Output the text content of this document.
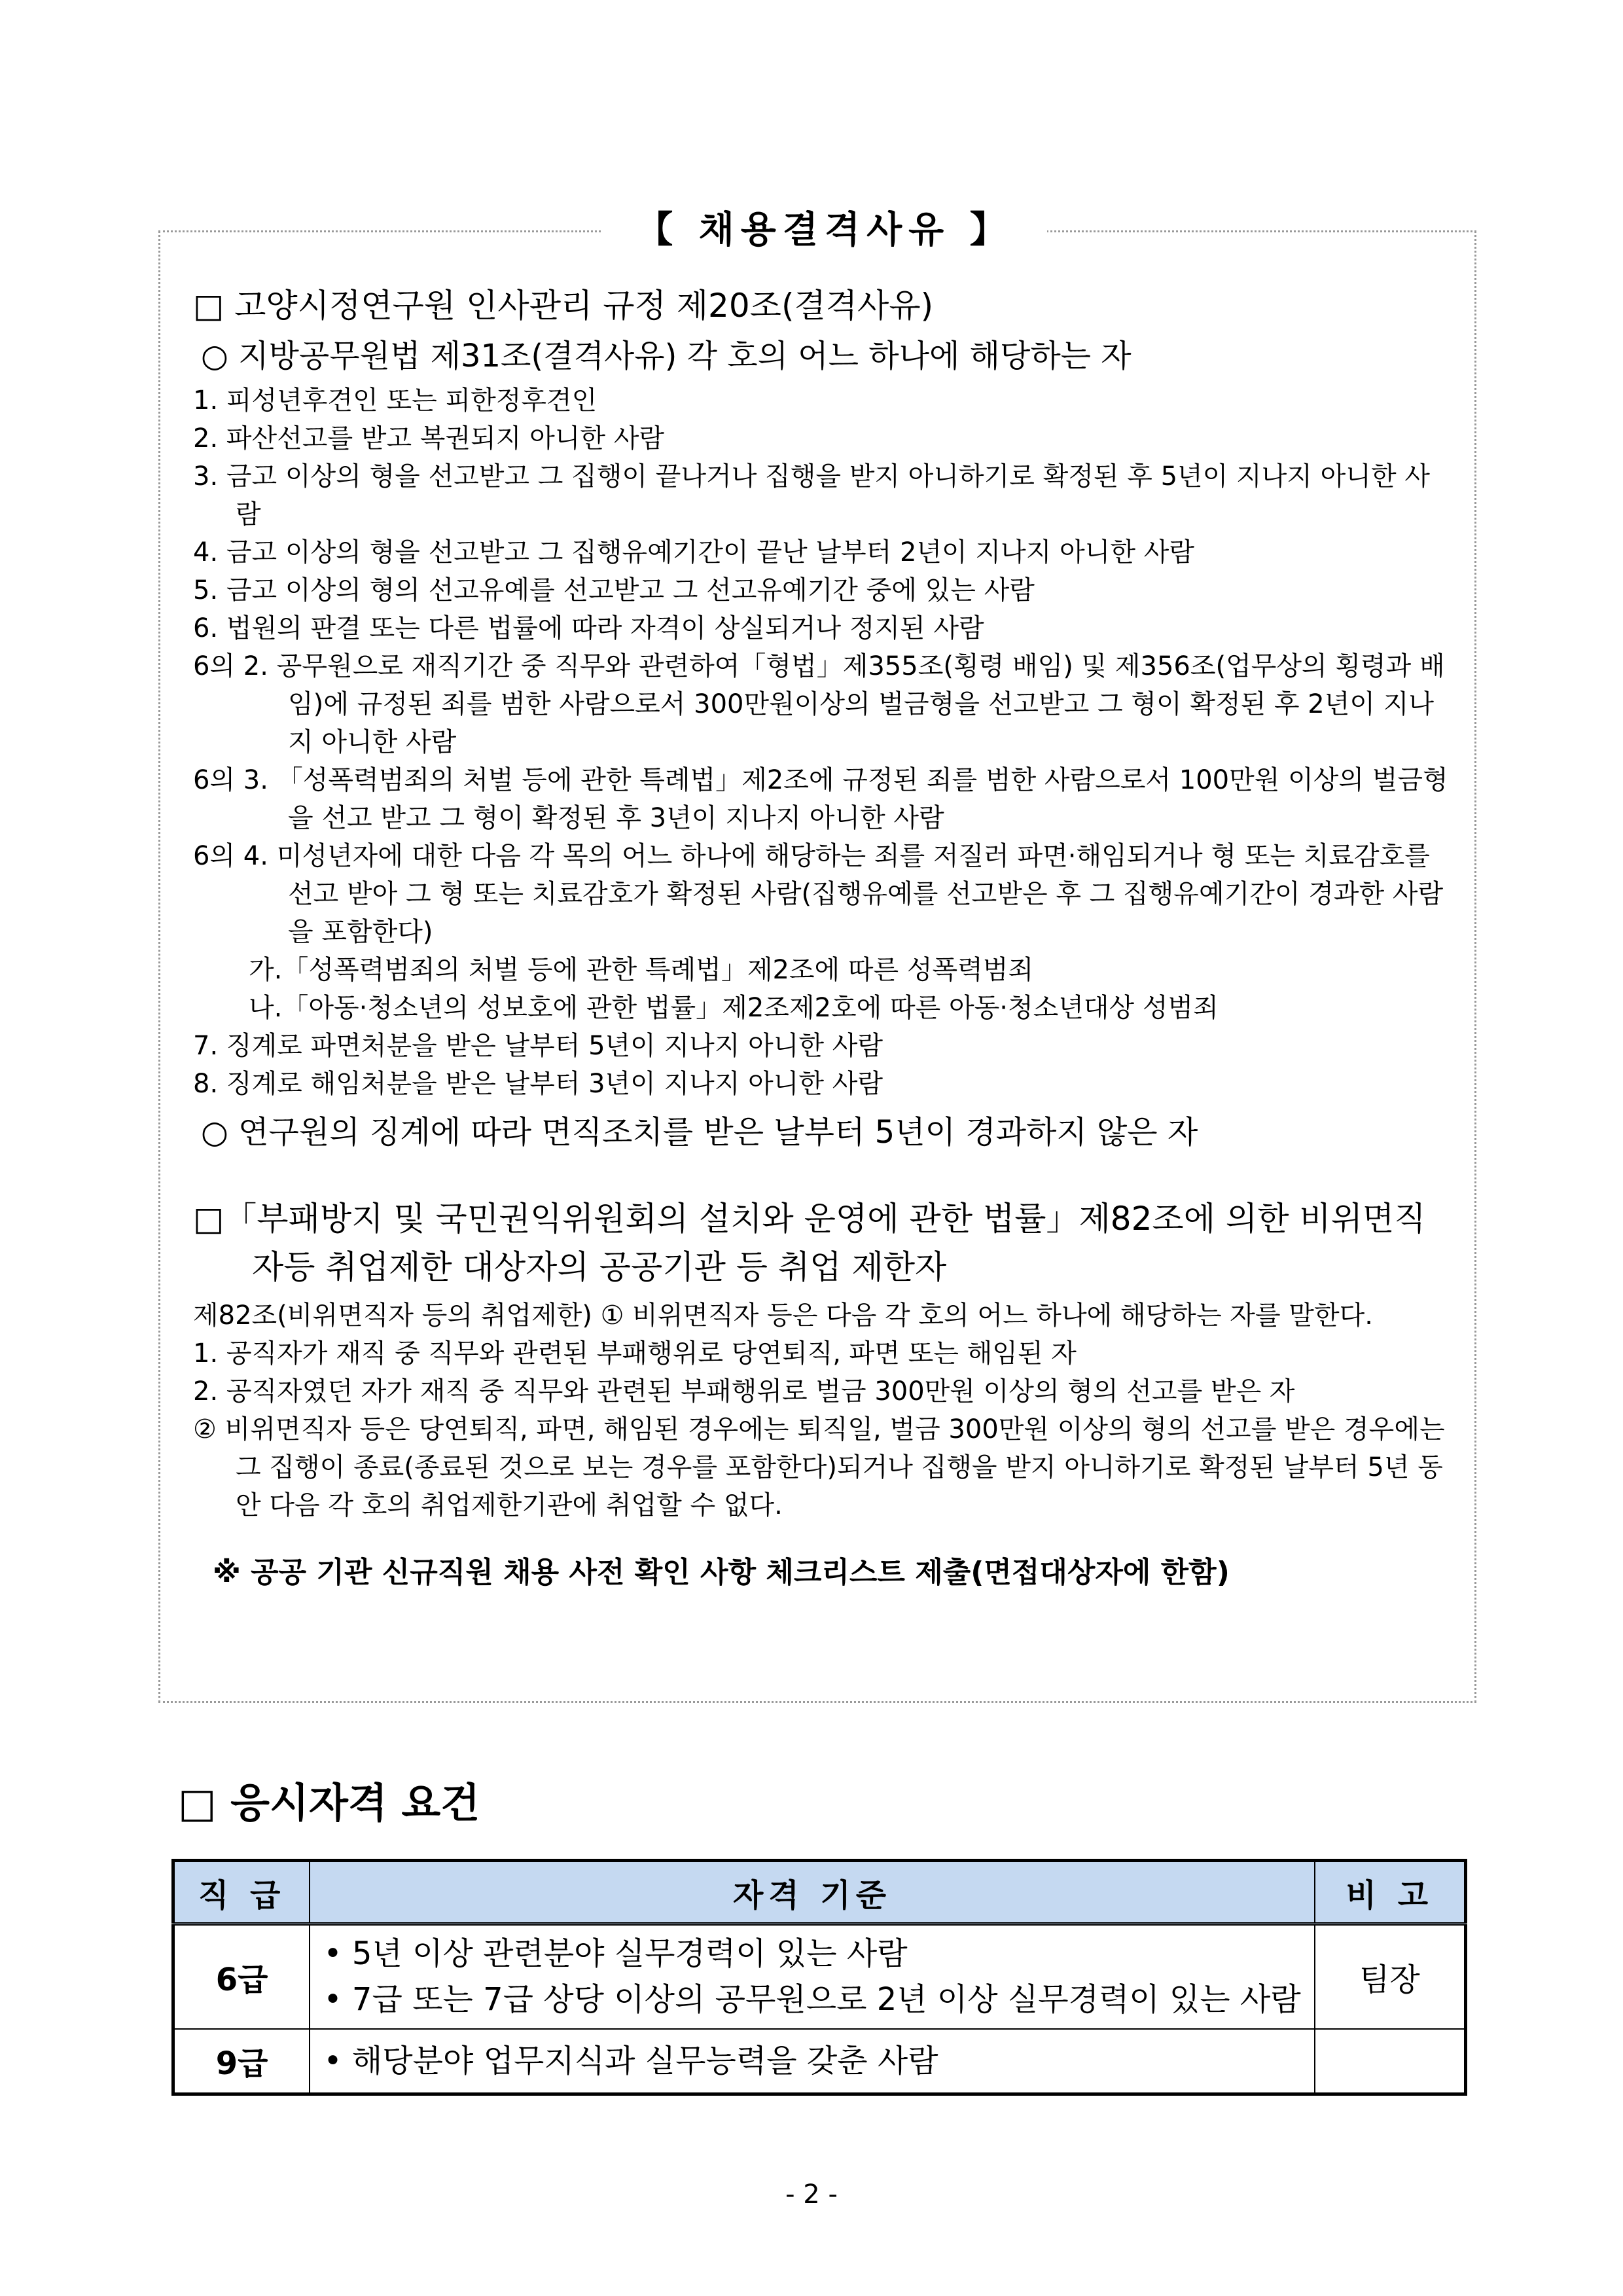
【 채용결격사유 】

□ 고양시정연구원 인사관리 규정 제20조(결격사유)

○ 지방공무원법 제31조(결격사유) 각 호의 어느 하나에 해당하는 자

1. 피성년후견인 또는 피한정후견인

2. 파산선고를 받고 복권되지 아니한 사람

3. 금고 이상의 형을 선고받고 그 집행이 끝나거나 집행을 받지 아니하기로 확정된 후 5년이 지나지 아니한 사람

4. 금고 이상의 형을 선고받고 그 집행유예기간이 끝난 날부터 2년이 지나지 아니한 사람

5. 금고 이상의 형의 선고유예를 선고받고 그 선고유예기간 중에 있는 사람

6. 법원의 판결 또는 다른 법률에 따라 자격이 상실되거나 정지된 사람

6의 2. 공무원으로 재직기간 중 직무와 관련하여「형법」제355조(횡령 배임) 및 제356조(업무상의 횡령과 배임)에 규정된 죄를 범한 사람으로서 300만원이상의 벌금형을 선고받고 그 형이 확정된 후 2년이 지나지 아니한 사람

6의 3. 「성폭력범죄의 처벌 등에 관한 특례법」제2조에 규정된 죄를 범한 사람으로서 100만원 이상의 벌금형을 선고 받고 그 형이 확정된 후 3년이 지나지 아니한 사람

6의 4. 미성년자에 대한 다음 각 목의 어느 하나에 해당하는 죄를 저질러 파면·해임되거나 형 또는 치료감호를 선고 받아 그 형 또는 치료감호가 확정된 사람(집행유예를 선고받은 후 그 집행유예기간이 경과한 사람을 포함한다)

가.「성폭력범죄의 처벌 등에 관한 특례법」제2조에 따른 성폭력범죄

나.「아동·청소년의 성보호에 관한 법률」제2조제2호에 따른 아동·청소년대상 성범죄

7. 징계로 파면처분을 받은 날부터 5년이 지나지 아니한 사람

8. 징계로 해임처분을 받은 날부터 3년이 지나지 아니한 사람

○ 연구원의 징계에 따라 면직조치를 받은 날부터 5년이 경과하지 않은 자

□「부패방지 및 국민권익위원회의 설치와 운영에 관한 법률」제82조에 의한 비위면직자등 취업제한 대상자의 공공기관 등 취업 제한자

제82조(비위면직자 등의 취업제한) ① 비위면직자 등은 다음 각 호의 어느 하나에 해당하는 자를 말한다.

1. 공직자가 재직 중 직무와 관련된 부패행위로 당연퇴직, 파면 또는 해임된 자

2. 공직자였던 자가 재직 중 직무와 관련된 부패행위로 벌금 300만원 이상의 형의 선고를 받은 자

② 비위면직자 등은 당연퇴직, 파면, 해임된 경우에는 퇴직일, 벌금 300만원 이상의 형의 선고를 받은 경우에는 그 집행이 종료(종료된 것으로 보는 경우를 포함한다)되거나 집행을 받지 아니하기로 확정된 날부터 5년 동안 다음 각 호의 취업제한기관에 취업할 수 없다.

※ 공공 기관 신규직원 채용 사전 확인 사항 체크리스트 제출(면접대상자에 한함)

□ 응시자격 요건
직 급	자격 기준	비 고
6급	• 5년 이상 관련분야 실무경력이 있는 사람
• 7급 또는 7급 상당 이상의 공무원으로 2년 이상 실무경력이 있는 사람	팀장
9급	• 해당분야 업무지식과 실무능력을 갖춘 사람	

- 2 -
